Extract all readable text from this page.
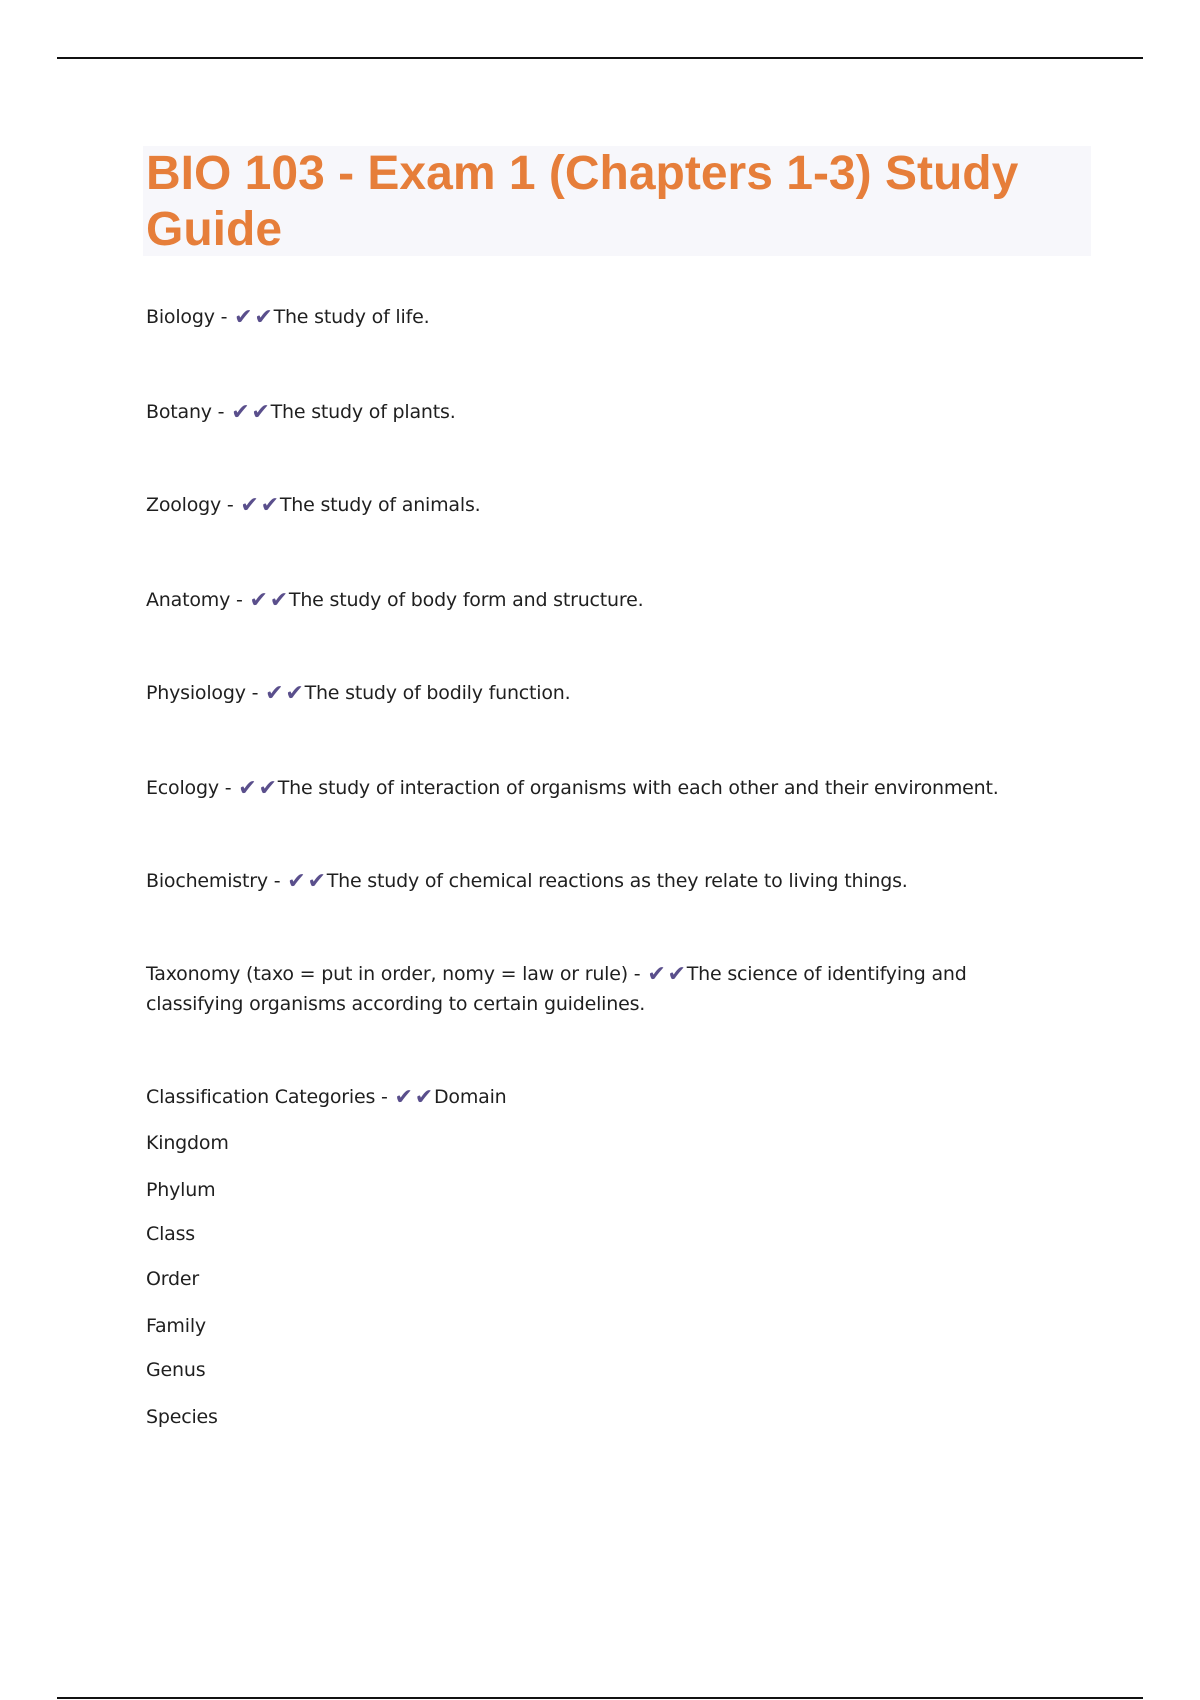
BIO 103 - Exam 1 (Chapters 1-3) Study Guide
Biology - ✔✔The study of life.
Botany - ✔✔The study of plants.
Zoology - ✔✔The study of animals.
Anatomy - ✔✔The study of body form and structure.
Physiology - ✔✔The study of bodily function.
Ecology - ✔✔The study of interaction of organisms with each other and their environment.
Biochemistry - ✔✔The study of chemical reactions as they relate to living things.
Taxonomy (taxo = put in order, nomy = law or rule) - ✔✔The science of identifying and classifying organisms according to certain guidelines.
Classification Categories - ✔✔Domain
Kingdom
Phylum
Class
Order
Family
Genus
Species
